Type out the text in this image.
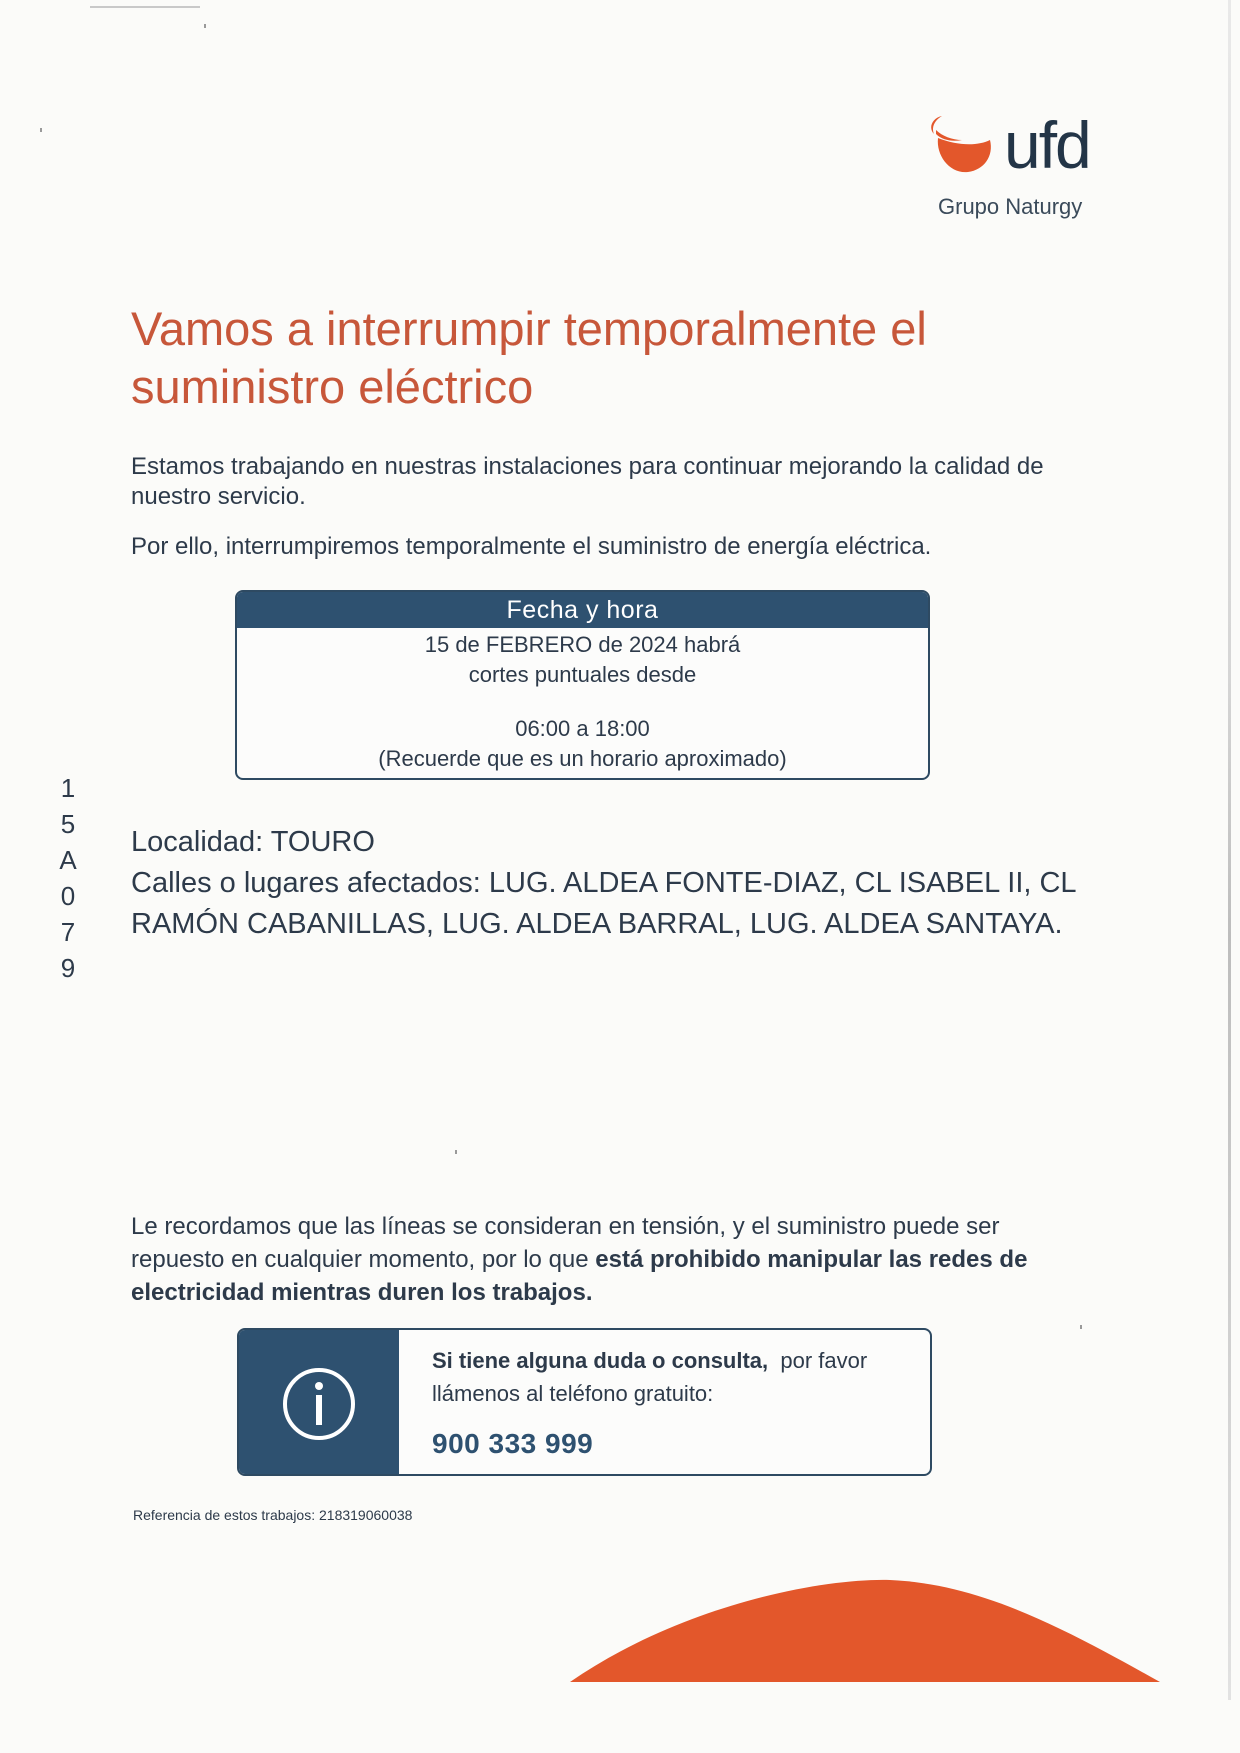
ufd
Grupo Naturgy
Vamos a interrumpir temporalmente el suministro eléctrico

Estamos trabajando en nuestras instalaciones para continuar mejorando la calidad de nuestro servicio.

Por ello, interrumpiremos temporalmente el suministro de energía eléctrica.

Fecha y hora
15 de FEBRERO de 2024 habrá
cortes puntuales desde
06:00 a 18:00
(Recuerde que es un horario aproximado)
1
5
A
0
7
9
Localidad: TOURO
Calles o lugares afectados: LUG. ALDEA FONTE-DIAZ, CL ISABEL II, CL RAMÓN CABANILLAS, LUG. ALDEA BARRAL, LUG. ALDEA SANTAYA.

Le recordamos que las líneas se consideran en tensión, y el suministro puede ser repuesto en cualquier momento, por lo que está prohibido manipular las redes de electricidad mientras duren los trabajos.

Si tiene alguna duda o consulta, por favor llámenos al teléfono gratuito:
900 333 999
Referencia de estos trabajos: 218319060038
